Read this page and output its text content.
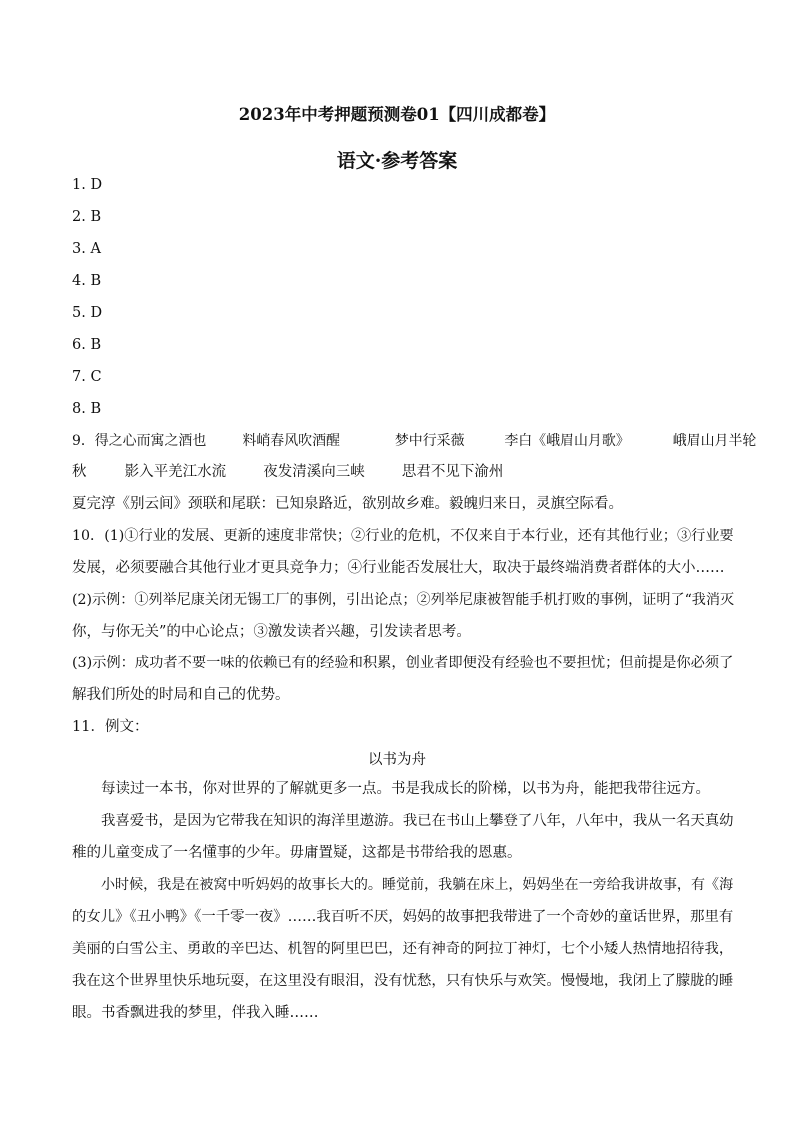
2023年中考押题预测卷01【四川成都卷】
语文·参考答案
1. D
2. B
3. A
4. B
5. D
6. B
7. C
8. B
9．得之心而寓之酒也	料峭春风吹酒醒	梦中行采薇	李白《峨眉山月歌》	峨眉山月半轮
秋	影入平羌江水流	夜发清溪向三峡	思君不见下渝州
夏完淳《别云间》颈联和尾联：已知泉路近，欲别故乡难。毅魄归来日，灵旗空际看。
10．(1)①行业的发展、更新的速度非常快；②行业的危机，不仅来自于本行业，还有其他行业；③行业要
发展，必须要融合其他行业才更具竞争力；④行业能否发展壮大，取决于最终端消费者群体的大小……
(2)示例：①列举尼康关闭无锡工厂的事例，引出论点；②列举尼康被智能手机打败的事例，证明了“我消灭
你，与你无关”的中心论点；③激发读者兴趣，引发读者思考。
(3)示例：成功者不要一味的依赖已有的经验和积累，创业者即便没有经验也不要担忧；但前提是你必须了
解我们所处的时局和自己的优势。
11．例文：
以书为舟
每读过一本书，你对世界的了解就更多一点。书是我成长的阶梯，以书为舟，能把我带往远方。
我喜爱书，是因为它带我在知识的海洋里遨游。我已在书山上攀登了八年，八年中，我从一名天真幼
稚的儿童变成了一名懂事的少年。毋庸置疑，这都是书带给我的恩惠。
小时候，我是在被窝中听妈妈的故事长大的。睡觉前，我躺在床上，妈妈坐在一旁给我讲故事，有《海
的女儿》《丑小鸭》《一千零一夜》……我百听不厌，妈妈的故事把我带进了一个奇妙的童话世界，那里有
美丽的白雪公主、勇敢的辛巴达、机智的阿里巴巴，还有神奇的阿拉丁神灯，七个小矮人热情地招待我，
我在这个世界里快乐地玩耍，在这里没有眼泪，没有忧愁，只有快乐与欢笑。慢慢地，我闭上了朦胧的睡
眼。书香飘进我的梦里，伴我入睡……
